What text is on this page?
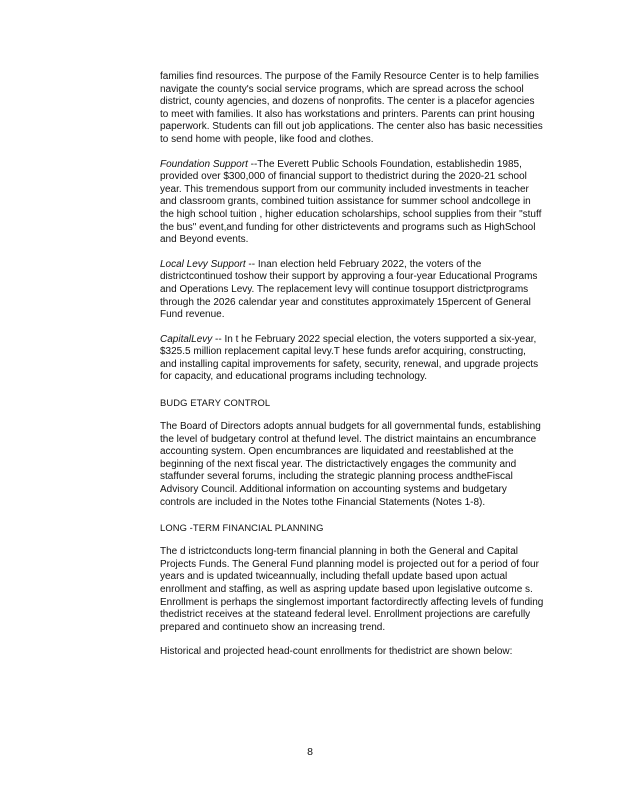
families find resources. The purpose of the Family Resource Center is to help families navigate the county's social service programs, which are spread across the school district, county agencies, and dozens of nonprofits. The center is a placefor agencies to meet with families. It also has workstations and printers. Parents can print housing paperwork. Students can fill out job applications. The center also has basic necessities to send home with people, like food and clothes.

Foundation Support --The Everett Public Schools Foundation, establishedin 1985, provided over $300,000 of financial support to thedistrict during the 2020-21 school year. This tremendous support from our community included investments in teacher and classroom grants, combined tuition assistance for summer school andcollege in the high school tuition , higher education scholarships, school supplies from their "stuff the bus" event,and funding for other districtevents and programs such as HighSchool and Beyond events.

Local Levy Support -- Inan election held February 2022, the voters of the districtcontinued toshow their support by approving a four-year Educational Programs and Operations Levy. The replacement levy will continue tosupport districtprograms through the 2026 calendar year and constitutes approximately 15percent of General Fund revenue.

CapitalLevy -- In t he February 2022 special election, the voters supported a six-year, $325.5 million replacement capital levy.T hese funds arefor acquiring, constructing, and installing capital improvements for safety, security, renewal, and upgrade projects for capacity, and educational programs including technology.

BUDG ETARY CONTROL

The Board of Directors adopts annual budgets for all governmental funds, establishing the level of budgetary control at thefund level. The district maintains an encumbrance accounting system. Open encumbrances are liquidated and reestablished at the beginning of the next fiscal year. The districtactively engages the community and staffunder several forums, including the strategic planning process andtheFiscal Advisory Council. Additional information on accounting systems and budgetary controls are included in the Notes tothe Financial Statements (Notes 1-8).

LONG -TERM FINANCIAL PLANNING

The d istrictconducts long-term financial planning in both the General and Capital Projects Funds. The General Fund planning model is projected out for a period of four years and is updated twiceannually, including thefall update based upon actual enrollment and staffing, as well as aspring update based upon legislative outcome s. Enrollment is perhaps the singlemost important factordirectly affecting levels of funding thedistrict receives at the stateand federal level. Enrollment projections are carefully prepared and continueto show an increasing trend.

Historical and projected head-count enrollments for thedistrict are shown below:

8
